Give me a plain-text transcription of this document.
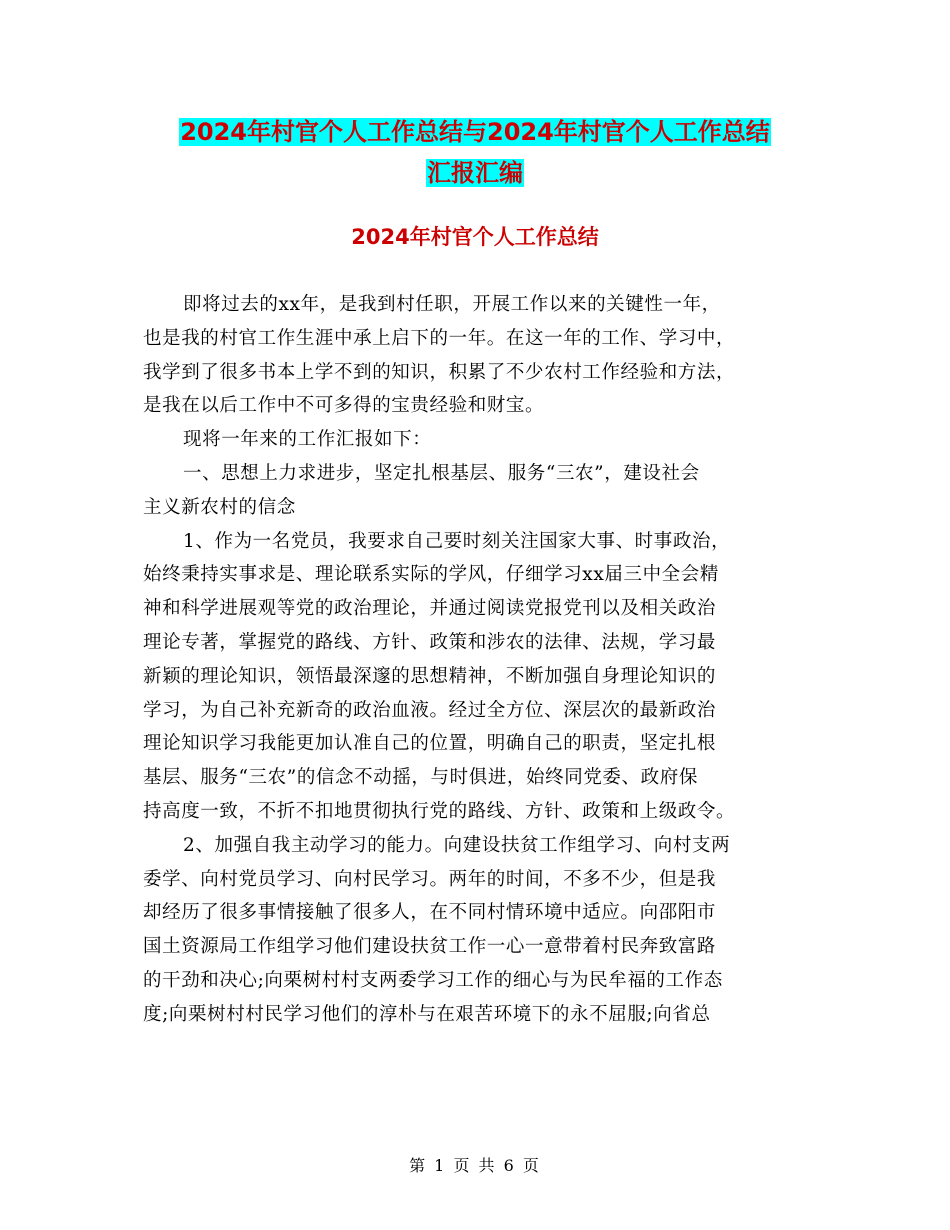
2024年村官个人工作总结与2024年村官个人工作总结
汇报汇编
2024年村官个人工作总结

即将过去的xx年，是我到村任职，开展工作以来的关键性一年，
也是我的村官工作生涯中承上启下的一年。在这一年的工作、学习中，
我学到了很多书本上学不到的知识，积累了不少农村工作经验和方法，
是我在以后工作中不可多得的宝贵经验和财宝。

现将一年来的工作汇报如下：

一、思想上力求进步，坚定扎根基层、服务“三农”，建设社会
主义新农村的信念

1、作为一名党员，我要求自己要时刻关注国家大事、时事政治，
始终秉持实事求是、理论联系实际的学风，仔细学习xx届三中全会精
神和科学进展观等党的政治理论，并通过阅读党报党刊以及相关政治
理论专著，掌握党的路线、方针、政策和涉农的法律、法规，学习最
新颖的理论知识，领悟最深邃的思想精神，不断加强自身理论知识的
学习，为自己补充新奇的政治血液。经过全方位、深层次的最新政治
理论知识学习我能更加认准自己的位置，明确自己的职责，坚定扎根
基层、服务“三农”的信念不动摇，与时俱进，始终同党委、政府保
持高度一致，不折不扣地贯彻执行党的路线、方针、政策和上级政令。

2、加强自我主动学习的能力。向建设扶贫工作组学习、向村支两
委学、向村党员学习、向村民学习。两年的时间，不多不少，但是我
却经历了很多事情接触了很多人，在不同村情环境中适应。向邵阳市
国土资源局工作组学习他们建设扶贫工作一心一意带着村民奔致富路
的干劲和决心;向栗树村村支两委学习工作的细心与为民牟福的工作态
度;向栗树村村民学习他们的淳朴与在艰苦环境下的永不屈服;向省总

第 1 页 共 6 页
